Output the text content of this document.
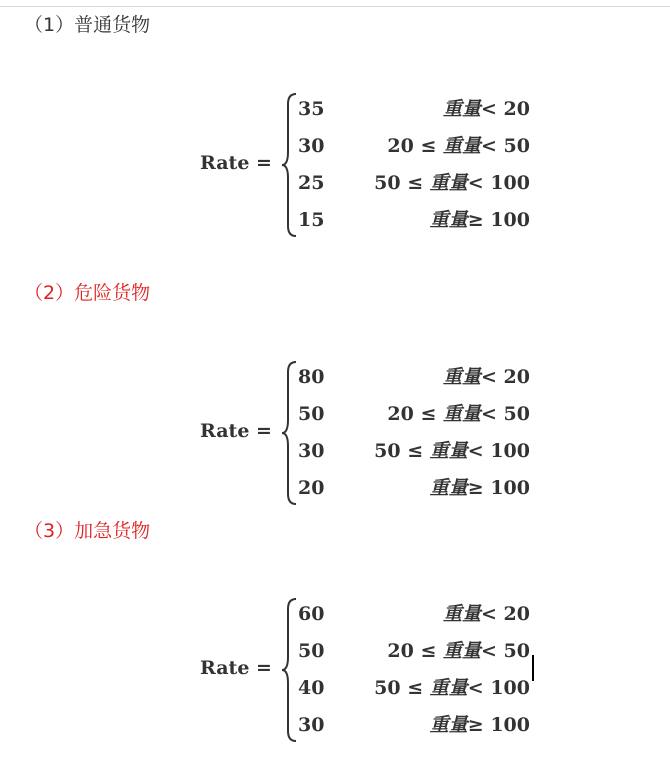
（1）普通货物
Rate =
35	重量< 20
30	20 ≤ 重量< 50
25	50 ≤ 重量< 100
15	重量≥ 100
（2）危险货物
Rate =
80	重量< 20
50	20 ≤ 重量< 50
30	50 ≤ 重量< 100
20	重量≥ 100
（3）加急货物
Rate =
60	重量< 20
50	20 ≤ 重量< 50
40	50 ≤ 重量< 100
30	重量≥ 100
